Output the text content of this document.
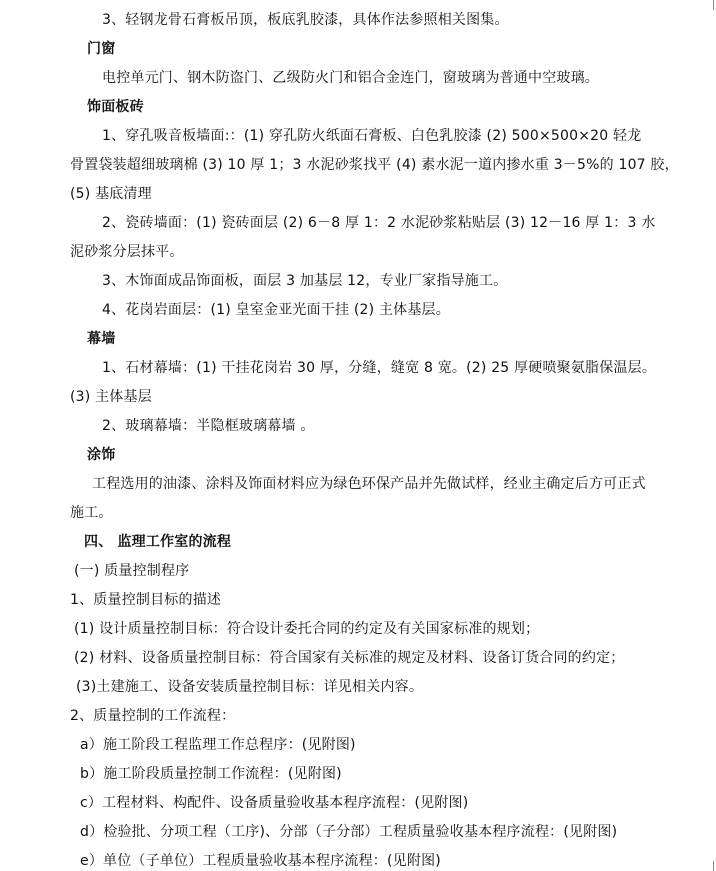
3、轻钢龙骨石膏板吊顶，板底乳胶漆，具体作法参照相关图集。
门窗
电控单元门、钢木防盗门、乙级防火门和铝合金连门，窗玻璃为普通中空玻璃。
饰面板砖
1、穿孔吸音板墙面:：(1) 穿孔防火纸面石膏板、白色乳胶漆 (2) 500×500×20 轻龙
骨置袋装超细玻璃棉 (3) 10 厚 1；3 水泥砂浆找平 (4) 素水泥一道内掺水重 3－5%的 107 胶，
(5) 基底清理
2、瓷砖墙面：(1) 瓷砖面层 (2) 6－8 厚 1：2 水泥砂浆粘贴层 (3) 12－16 厚 1：3 水
泥砂浆分层抹平。
3、木饰面成品饰面板，面层 3 加基层 12，专业厂家指导施工。
4、花岗岩面层：(1) 皇室金亚光面干挂 (2) 主体基层。
幕墙
1、石材幕墙：(1) 干挂花岗岩 30 厚，分缝，缝宽 8 宽。(2) 25 厚硬喷聚氨脂保温层。
(3) 主体基层
2、玻璃幕墙：半隐框玻璃幕墙 。
涂饰
工程选用的油漆、涂料及饰面材料应为绿色环保产品并先做试样，经业主确定后方可正式
施工。
四、 监理工作室的流程
(一) 质量控制程序
1、质量控制目标的描述
(1) 设计质量控制目标：符合设计委托合同的约定及有关国家标准的规划；
(2) 材料、设备质量控制目标：符合国家有关标准的规定及材料、设备订货合同的约定；
(3)土建施工、设备安装质量控制目标：详见相关内容。
2、质量控制的工作流程：
a）施工阶段工程监理工作总程序：(见附图)
b）施工阶段质量控制工作流程：(见附图)
c）工程材料、构配件、设备质量验收基本程序流程：(见附图)
d）检验批、分项工程（工序)、分部（子分部）工程质量验收基本程序流程：(见附图)
e）单位（子单位）工程质量验收基本程序流程：(见附图)
